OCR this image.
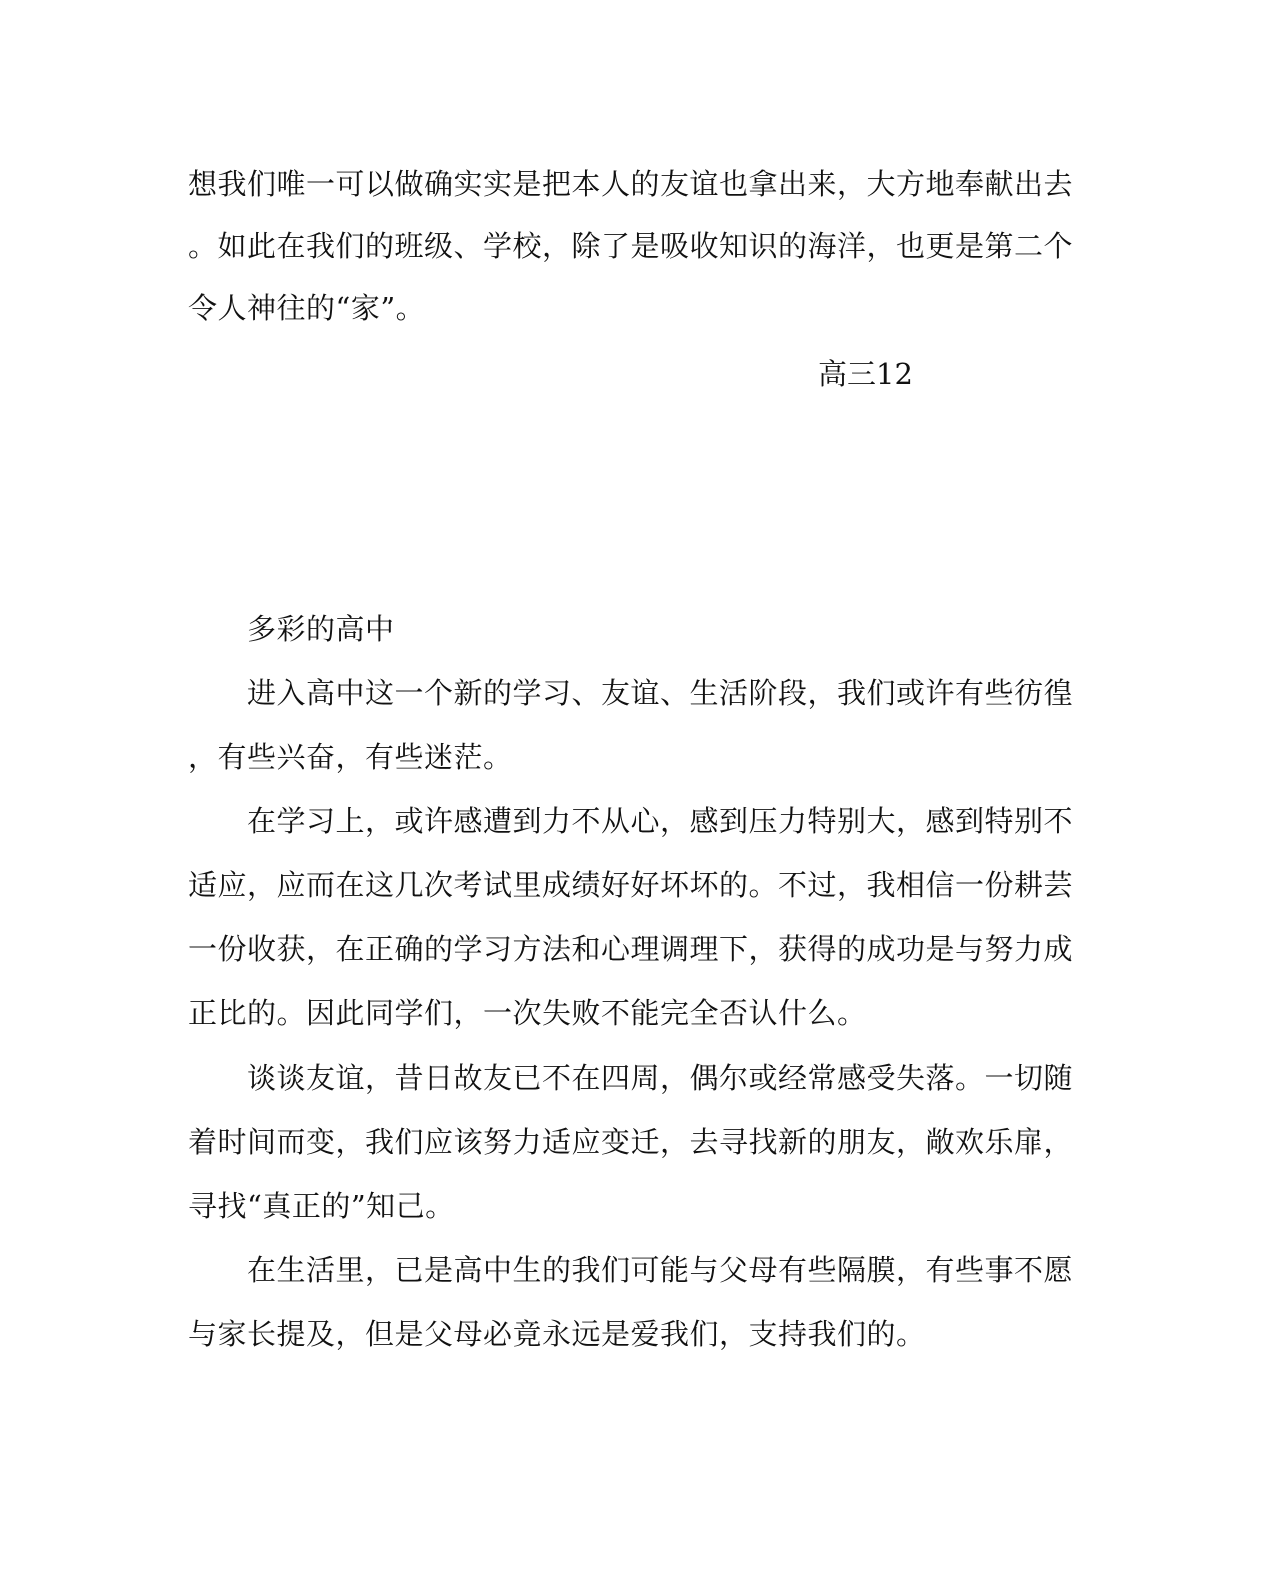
想我们唯一可以做确实实是把本人的友谊也拿出来，大方地奉献出去
。如此在我们的班级、学校，除了是吸收知识的海洋，也更是第二个
令人神往的“家”。
高三12
多彩的高中
进入高中这一个新的学习、友谊、生活阶段，我们或许有些彷徨
，有些兴奋，有些迷茫。
在学习上，或许感遭到力不从心，感到压力特别大，感到特别不
适应，应而在这几次考试里成绩好好坏坏的。不过，我相信一份耕芸
一份收获，在正确的学习方法和心理调理下，获得的成功是与努力成
正比的。因此同学们，一次失败不能完全否认什么。
谈谈友谊，昔日故友已不在四周，偶尔或经常感受失落。一切随
着时间而变，我们应该努力适应变迁，去寻找新的朋友，敞欢乐扉，
寻找“真正的”知己。
在生活里，已是高中生的我们可能与父母有些隔膜，有些事不愿
与家长提及，但是父母必竟永远是爱我们，支持我们的。
